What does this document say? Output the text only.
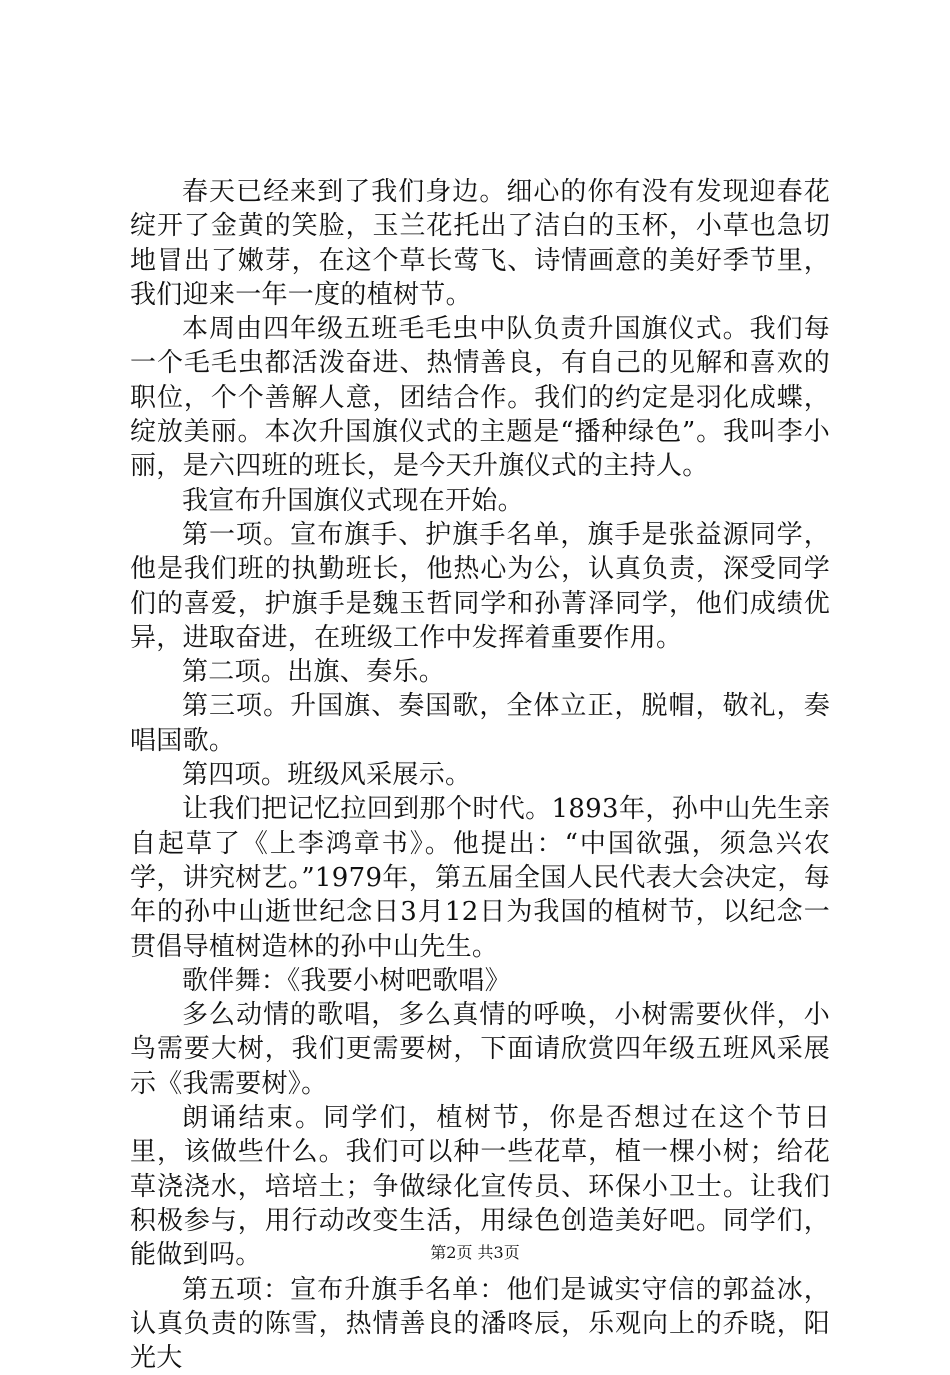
春天已经来到了我们身边。细心的你有没有发现迎春花绽开了金黄的笑脸，玉兰花托出了洁白的玉杯，小草也急切地冒出了嫩芽，在这个草长莺飞、诗情画意的美好季节里，我们迎来一年一度的植树节。

本周由四年级五班毛毛虫中队负责升国旗仪式。我们每一个毛毛虫都活泼奋进、热情善良，有自己的见解和喜欢的职位，个个善解人意，团结合作。我们的约定是羽化成蝶，绽放美丽。本次升国旗仪式的主题是“播种绿色”。我叫李小丽，是六四班的班长，是今天升旗仪式的主持人。

我宣布升国旗仪式现在开始。

第一项。宣布旗手、护旗手名单，旗手是张益源同学，他是我们班的执勤班长，他热心为公，认真负责，深受同学们的喜爱，护旗手是魏玉哲同学和孙菁泽同学，他们成绩优异，进取奋进，在班级工作中发挥着重要作用。

第二项。出旗、奏乐。

第三项。升国旗、奏国歌，全体立正，脱帽，敬礼，奏唱国歌。

第四项。班级风采展示。

让我们把记忆拉回到那个时代。1893年，孙中山先生亲自起草了《上李鸿章书》。他提出：“中国欲强，须急兴农学，讲究树艺。”1979年，第五届全国人民代表大会决定，每年的孙中山逝世纪念日3月12日为我国的植树节，以纪念一贯倡导植树造林的孙中山先生。

歌伴舞：《我要小树吧歌唱》

多么动情的歌唱，多么真情的呼唤，小树需要伙伴，小鸟需要大树，我们更需要树，下面请欣赏四年级五班风采展示《我需要树》。

朗诵结束。同学们，植树节，你是否想过在这个节日里，该做些什么。我们可以种一些花草，植一棵小树；给花草浇浇水，培培土；争做绿化宣传员、环保小卫士。让我们积极参与，用行动改变生活，用绿色创造美好吧。同学们，能做到吗。

第五项：宣布升旗手名单：他们是诚实守信的郭益冰，认真负责的陈雪，热情善良的潘咚辰，乐观向上的乔晓，阳光大

第2页 共3页
